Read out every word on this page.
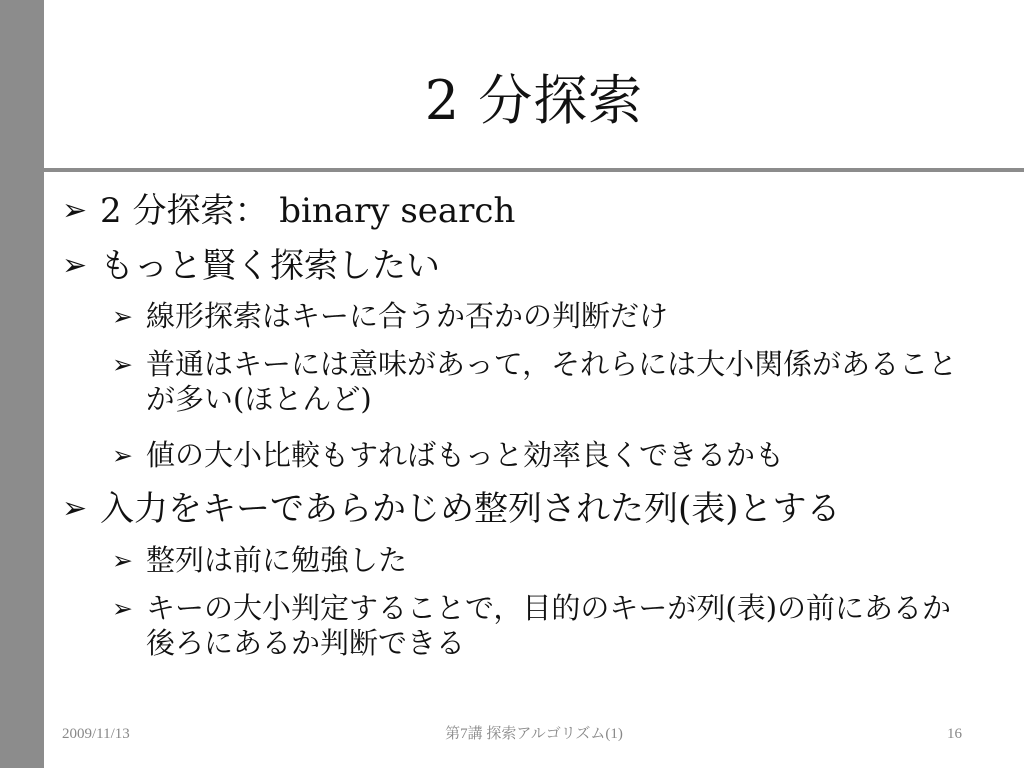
2 分探索
➢ 2 分探索： binary search
➢ もっと賢く探索したい
➢ 線形探索はキーに合うか否かの判断だけ
➢ 普通はキーには意味があって，それらには大小関係があることが多い(ほとんど)
➢ 値の大小比較もすればもっと効率良くできるかも
➢ 入力をキーであらかじめ整列された列(表)とする
➢ 整列は前に勉強した
➢ キーの大小判定することで，目的のキーが列(表)の前にあるか後ろにあるか判断できる
2009/11/13	第7講 探索アルゴリズム(1)	16
